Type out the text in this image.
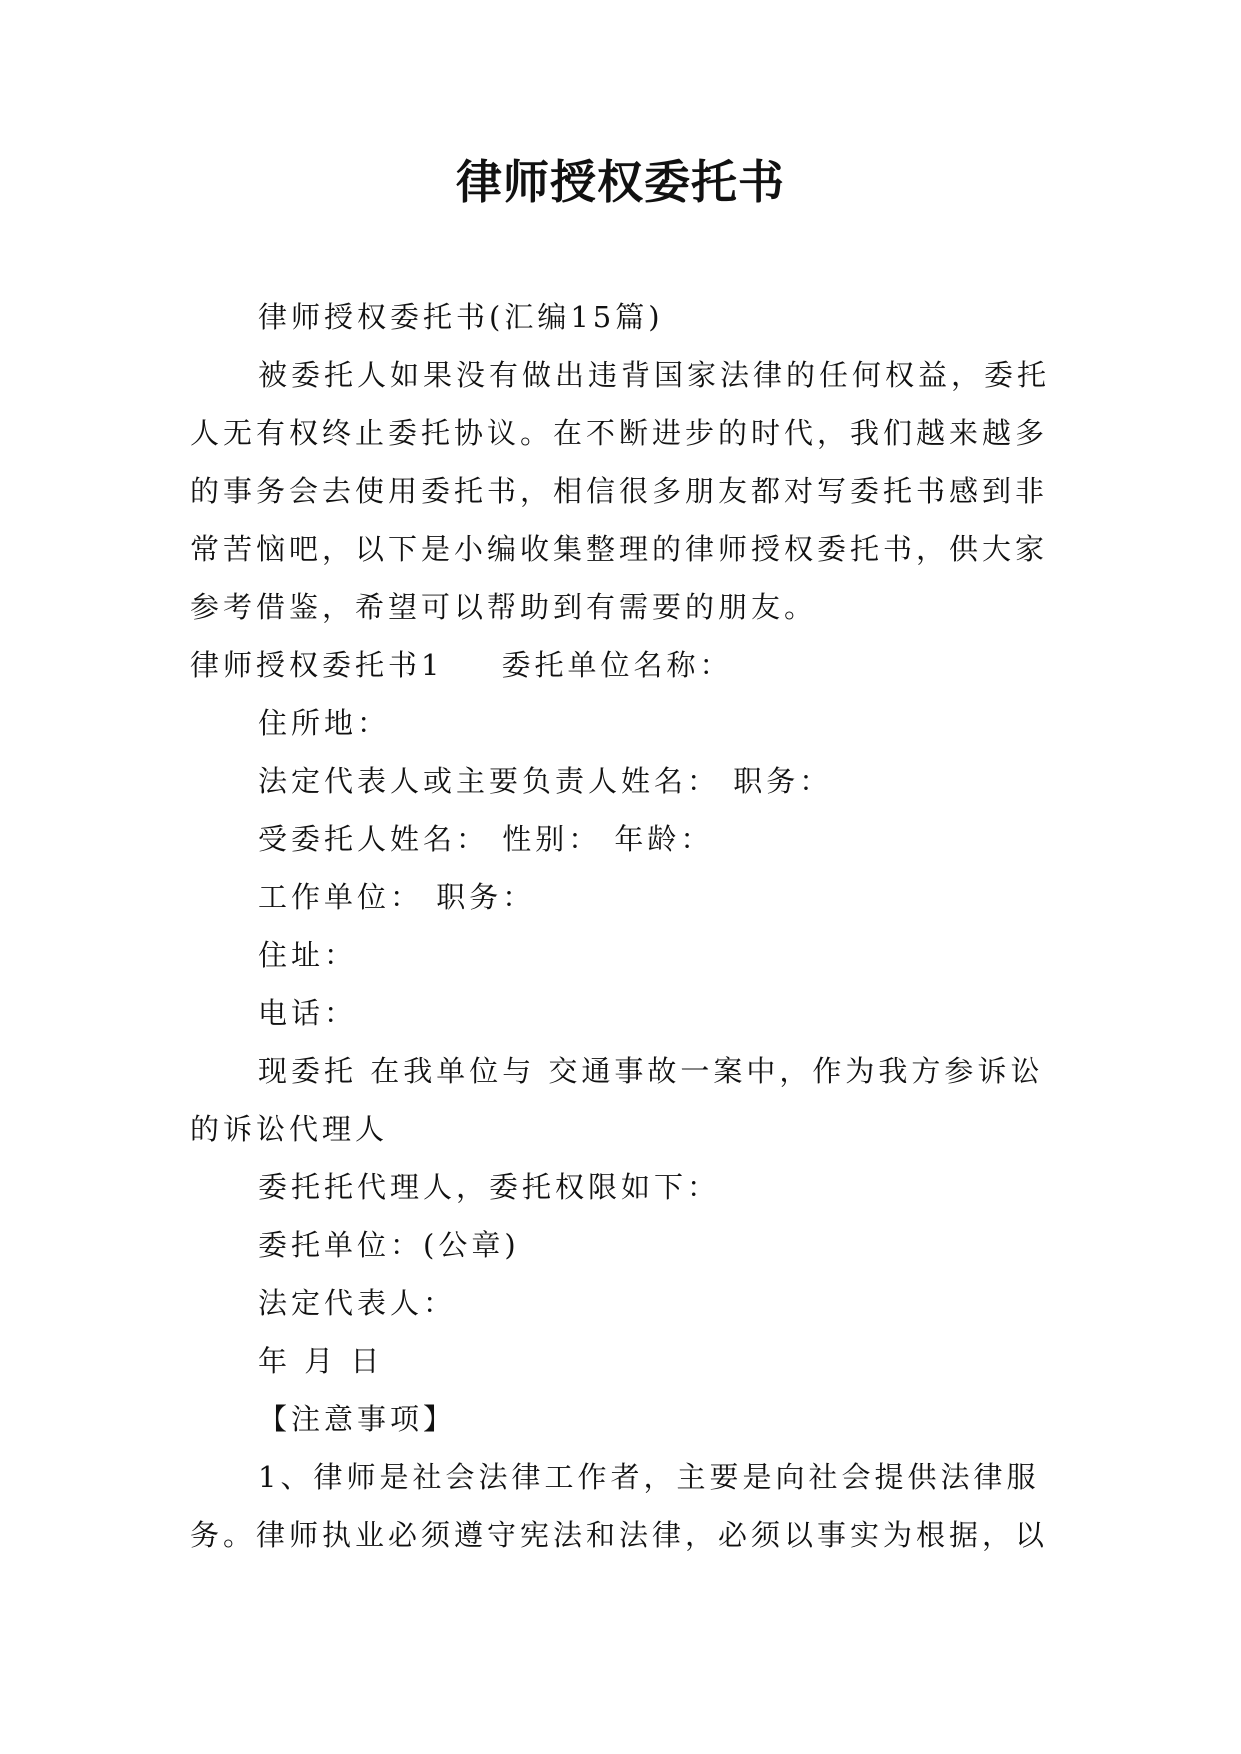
律师授权委托书
律师授权委托书(汇编15篇)
被委托人如果没有做出违背国家法律的任何权益，委托
人无有权终止委托协议。在不断进步的时代，我们越来越多
的事务会去使用委托书，相信很多朋友都对写委托书感到非
常苦恼吧，以下是小编收集整理的律师授权委托书，供大家
参考借鉴，希望可以帮助到有需要的朋友。
律师授权委托书1 委托单位名称：
住所地：
法定代表人或主要负责人姓名： 职务：
受委托人姓名： 性别： 年龄：
工作单位： 职务：
住址：
电话：
现委托 在我单位与 交通事故一案中，作为我方参诉讼
的诉讼代理人
委托托代理人，委托权限如下：
委托单位：(公章)
法定代表人：
年 月 日
【注意事项】
1、律师是社会法律工作者，主要是向社会提供法律服
务。律师执业必须遵守宪法和法律，必须以事实为根据，以
